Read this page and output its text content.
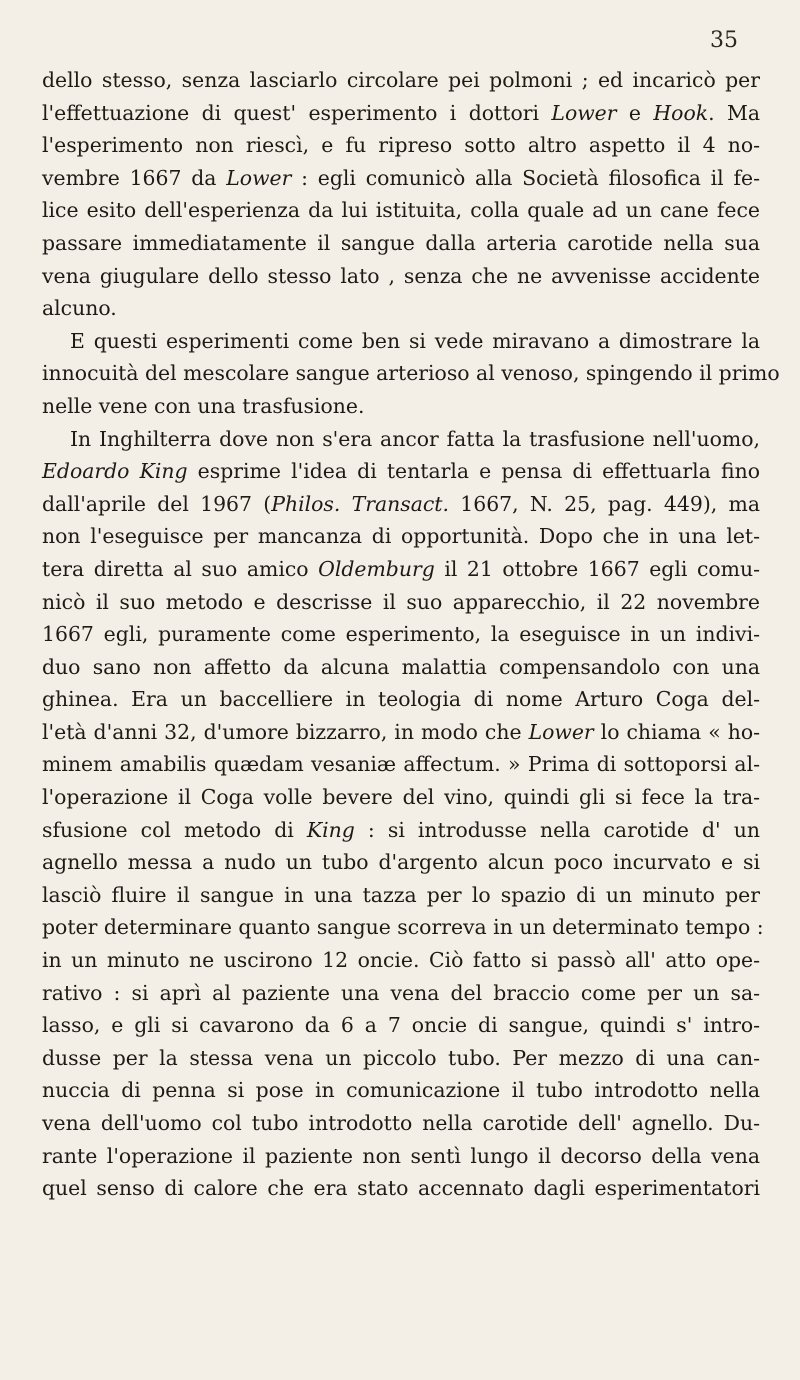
35
dello stesso, senza lasciarlo circolare pei polmoni ; ed incaricò per
l'effettuazione di quest' esperimento i dottori Lower e Hook. Ma
l'esperimento non riescì, e fu ripreso sotto altro aspetto il 4 no-
vembre 1667 da Lower : egli comunicò alla Società filosofica il fe-
lice esito dell'esperienza da lui istituita, colla quale ad un cane fece
passare immediatamente il sangue dalla arteria carotide nella sua
vena giugulare dello stesso lato , senza che ne avvenisse accidente
alcuno.
E questi esperimenti come ben si vede miravano a dimostrare la
innocuità del mescolare sangue arterioso al venoso, spingendo il primo
nelle vene con una trasfusione.
In Inghilterra dove non s'era ancor fatta la trasfusione nell'uomo,
Edoardo King esprime l'idea di tentarla e pensa di effettuarla fino
dall'aprile del 1967 (Philos. Transact. 1667, N. 25, pag. 449), ma
non l'eseguisce per mancanza di opportunità. Dopo che in una let-
tera diretta al suo amico Oldemburg il 21 ottobre 1667 egli comu-
nicò il suo metodo e descrisse il suo apparecchio, il 22 novembre
1667 egli, puramente come esperimento, la eseguisce in un indivi-
duo sano non affetto da alcuna malattia compensandolo con una
ghinea. Era un baccelliere in teologia di nome Arturo Coga del-
l'età d'anni 32, d'umore bizzarro, in modo che Lower lo chiama « ho-
minem amabilis quædam vesaniæ affectum. » Prima di sottoporsi al-
l'operazione il Coga volle bevere del vino, quindi gli si fece la tra-
sfusione col metodo di King : si introdusse nella carotide d' un
agnello messa a nudo un tubo d'argento alcun poco incurvato e si
lasciò fluire il sangue in una tazza per lo spazio di un minuto per
poter determinare quanto sangue scorreva in un determinato tempo :
in un minuto ne uscirono 12 oncie. Ciò fatto si passò all' atto ope-
rativo : si aprì al paziente una vena del braccio come per un sa-
lasso, e gli si cavarono da 6 a 7 oncie di sangue, quindi s' intro-
dusse per la stessa vena un piccolo tubo. Per mezzo di una can-
nuccia di penna si pose in comunicazione il tubo introdotto nella
vena dell'uomo col tubo introdotto nella carotide dell' agnello. Du-
rante l'operazione il paziente non sentì lungo il decorso della vena
quel senso di calore che era stato accennato dagli esperimentatori
